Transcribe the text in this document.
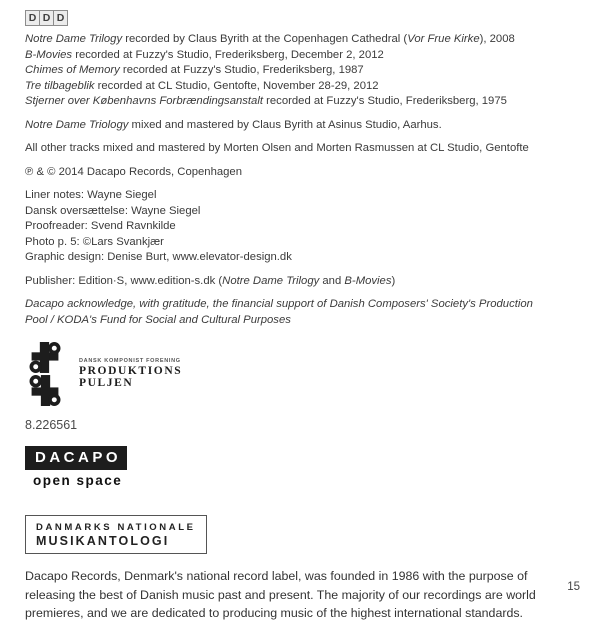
D D D
Notre Dame Trilogy recorded by Claus Byrith at the Copenhagen Cathedral (Vor Frue Kirke), 2008
B-Movies recorded at Fuzzy's Studio, Frederiksberg, December 2, 2012
Chimes of Memory recorded at Fuzzy's Studio, Frederiksberg, 1987
Tre tilbageblik recorded at CL Studio, Gentofte, November 28-29, 2012
Stjerner over Københavns Forbrændingsanstalt recorded at Fuzzy's Studio, Frederiksberg, 1975
Notre Dame Triology mixed and mastered by Claus Byrith at Asinus Studio, Aarhus.
All other tracks mixed and mastered by Morten Olsen and Morten Rasmussen at CL Studio, Gentofte
℗ & © 2014 Dacapo Records, Copenhagen
Liner notes: Wayne Siegel
Dansk oversættelse: Wayne Siegel
Proofreader: Svend Ravnkilde
Photo p. 5: ©Lars Svankjær
Graphic design: Denise Burt, www.elevator-design.dk
Publisher: Edition·S, www.edition-s.dk (Notre Dame Trilogy and B-Movies)
Dacapo acknowledge, with gratitude, the financial support of Danish Composers' Society's Production Pool / KODA's Fund for Social and Cultural Purposes
DANSK KOMPONIST FORENING
PRODUKTIONS
PULJEN
8.226561
DACAPO
open space
DANMARKS NATIONALE
MUSIKANTOLOGI
Dacapo Records, Denmark's national record label, was founded in 1986 with the purpose of releasing the best of Danish music past and present. The majority of our recordings are world premieres, and we are dedicated to producing music of the highest international standards.
15
